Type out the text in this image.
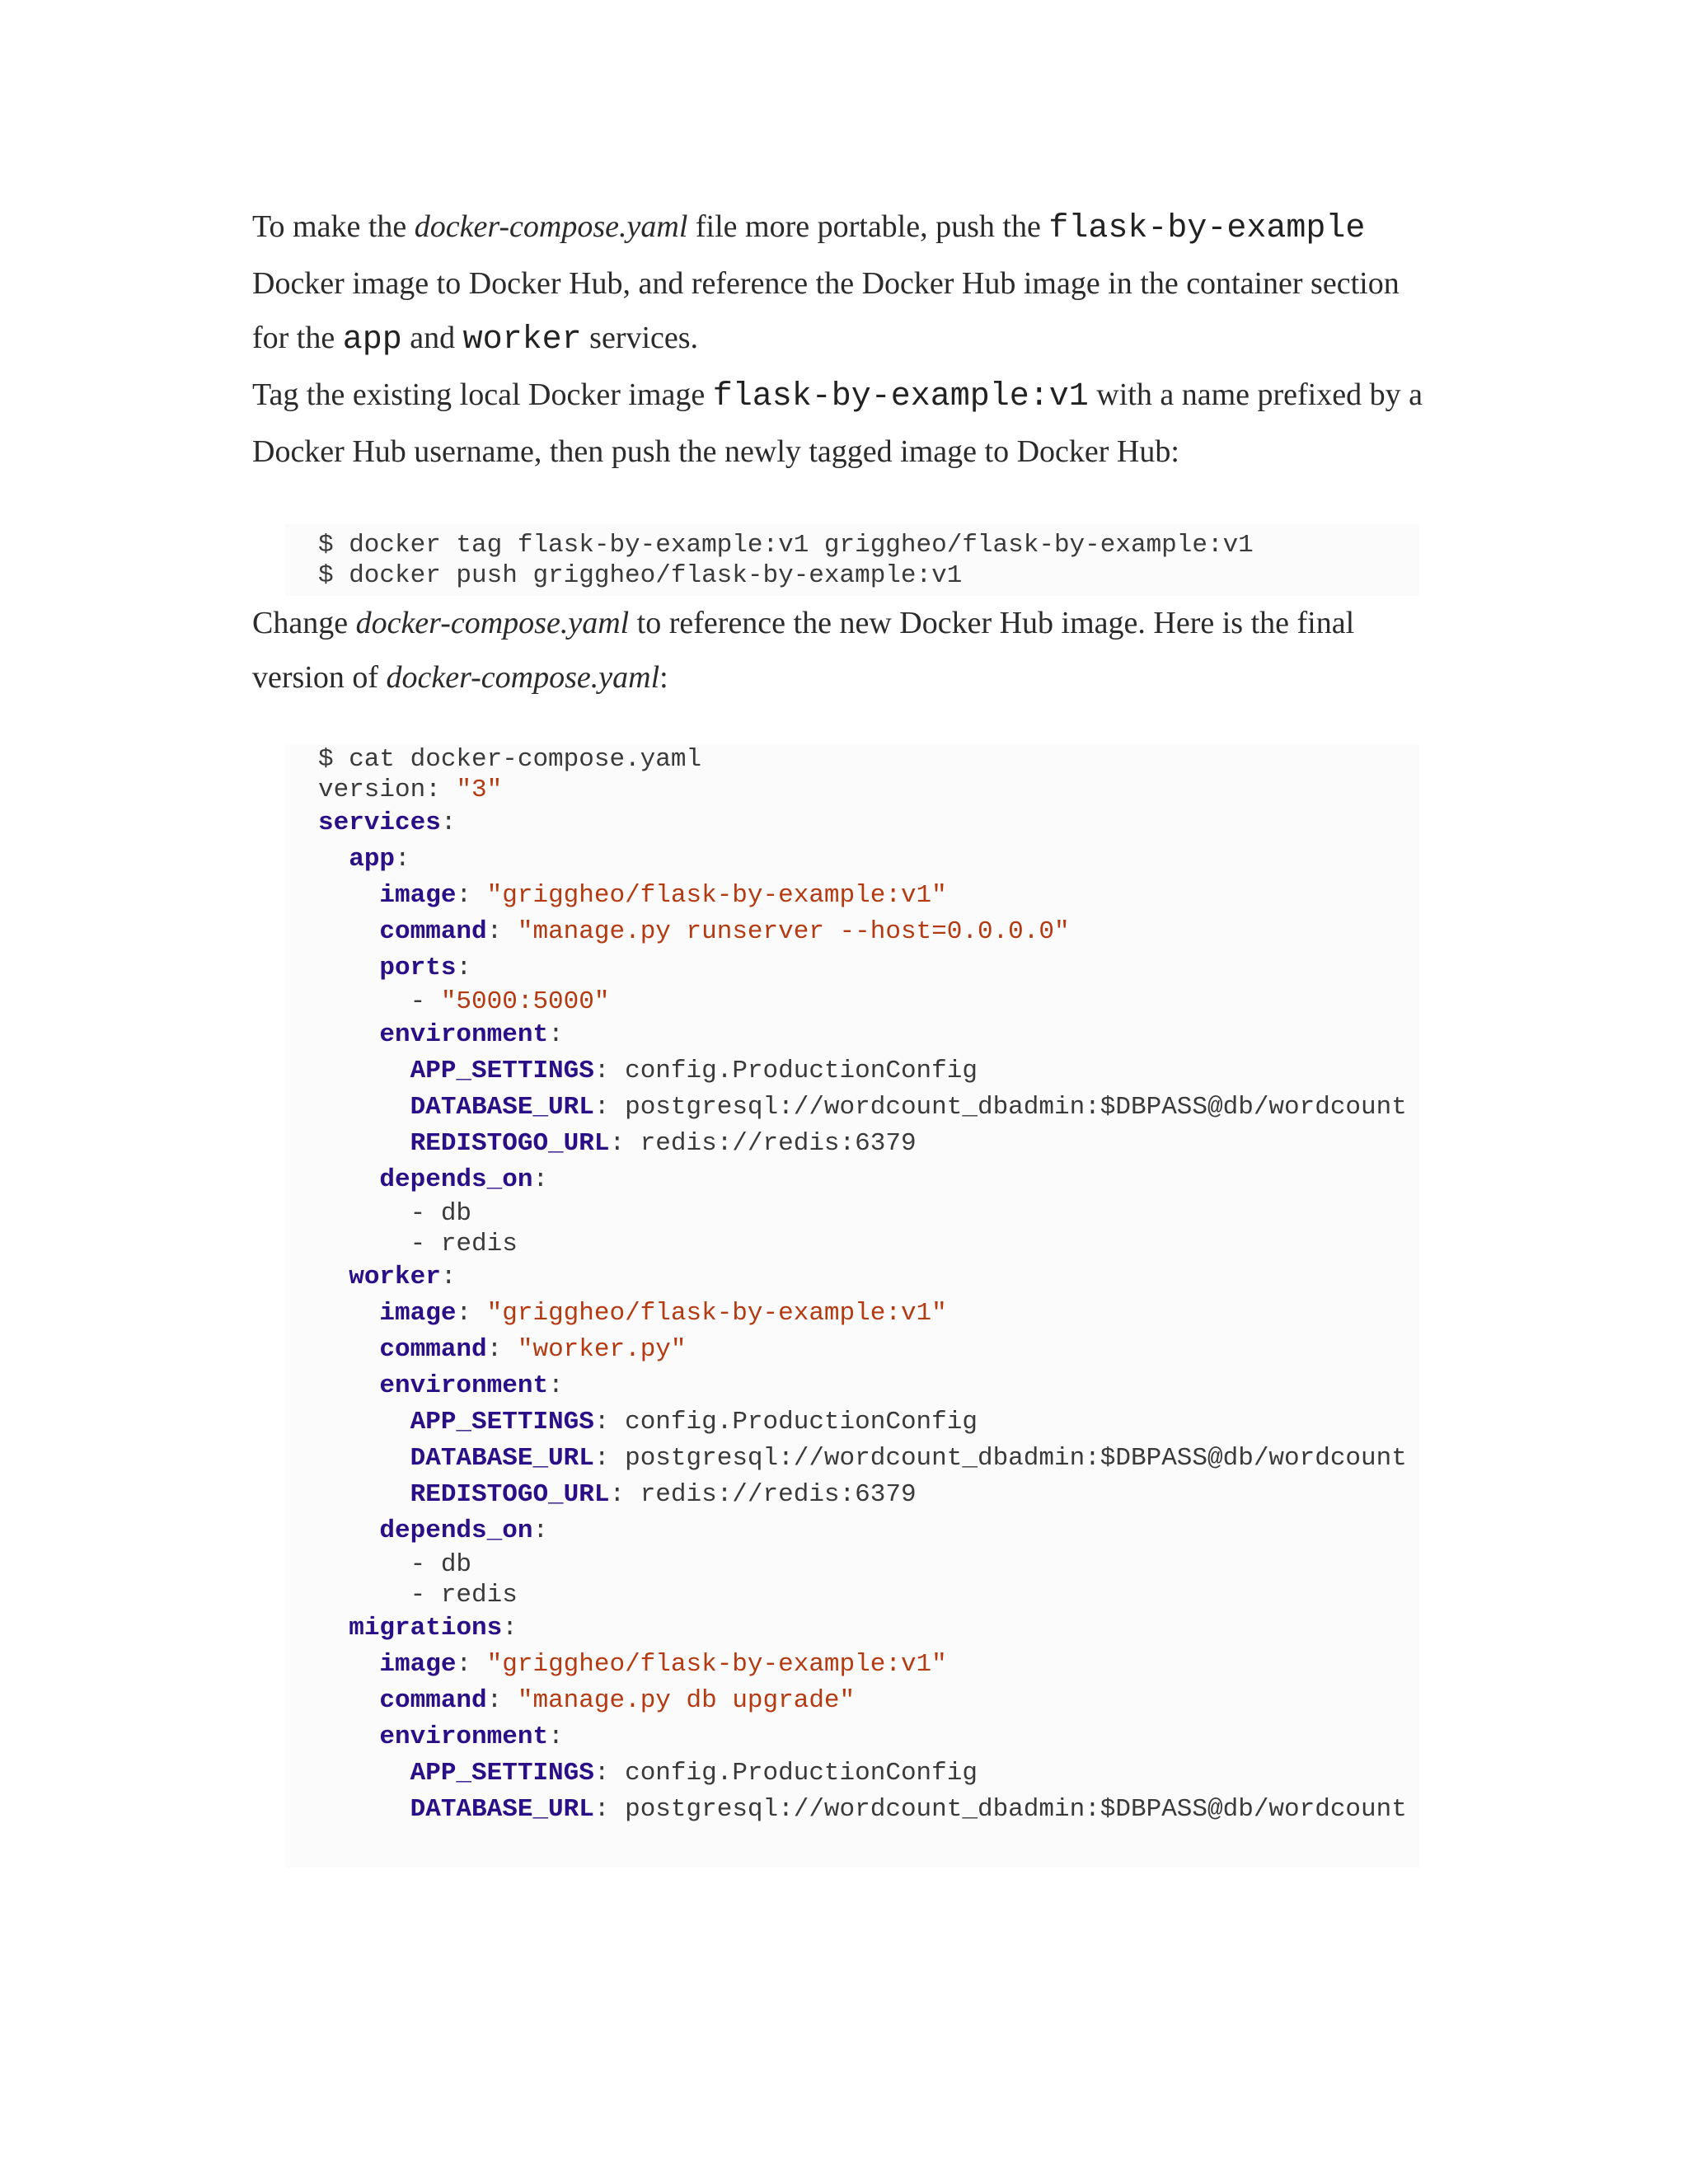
To make the docker-compose.yaml file more portable, push the flask-by-example Docker image to Docker Hub, and reference the Docker Hub image in the container section for the app and worker services.

Tag the existing local Docker image flask-by-example:v1 with a name prefixed by a Docker Hub username, then push the newly tagged image to Docker Hub:

$ docker tag flask-by-example:v1 griggheo/flask-by-example:v1
$ docker push griggheo/flask-by-example:v1

Change docker-compose.yaml to reference the new Docker Hub image. Here is the final version of docker-compose.yaml:

$ cat docker-compose.yaml
version: "3"
services:
app:
image: "griggheo/flask-by-example:v1"
command: "manage.py runserver --host=0.0.0.0"
ports:
- "5000:5000"
environment:
APP_SETTINGS: config.ProductionConfig
DATABASE_URL: postgresql://wordcount_dbadmin:$DBPASS@db/wordcount
REDISTOGO_URL: redis://redis:6379
depends_on:
- db
- redis
worker:
image: "griggheo/flask-by-example:v1"
command: "worker.py"
environment:
APP_SETTINGS: config.ProductionConfig
DATABASE_URL: postgresql://wordcount_dbadmin:$DBPASS@db/wordcount
REDISTOGO_URL: redis://redis:6379
depends_on:
- db
- redis
migrations:
image: "griggheo/flask-by-example:v1"
command: "manage.py db upgrade"
environment:
APP_SETTINGS: config.ProductionConfig
DATABASE_URL: postgresql://wordcount_dbadmin:$DBPASS@db/wordcount
